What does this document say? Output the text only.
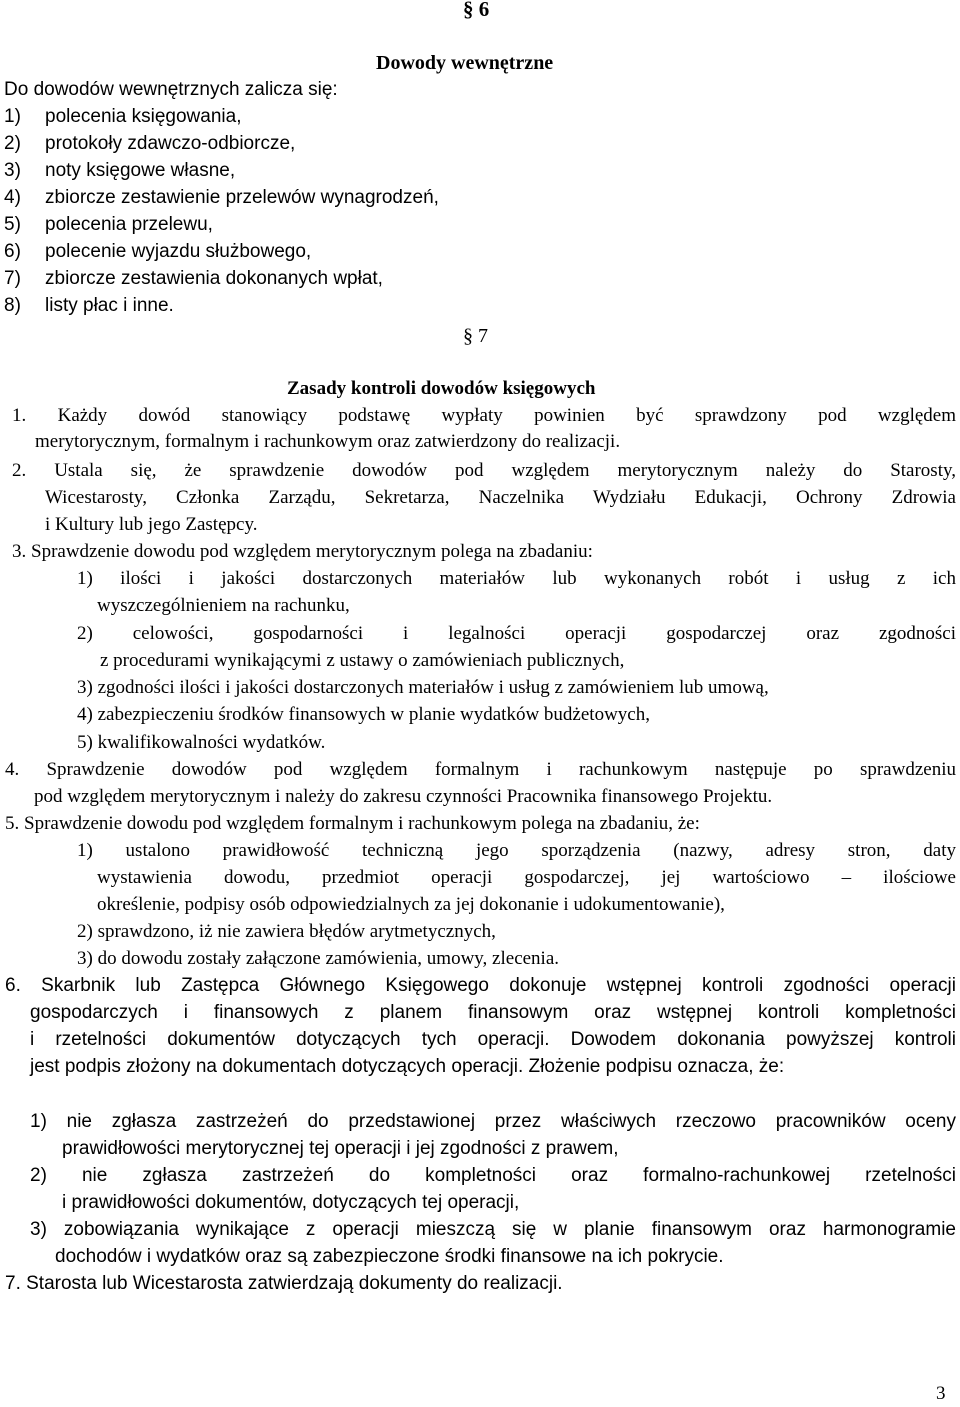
§ 6
Dowody wewnętrzne
Do dowodów wewnętrznych zalicza się:
1) polecenia księgowania,
2) protokoły zdawczo-odbiorcze,
3) noty księgowe własne,
4) zbiorcze zestawienie przelewów wynagrodzeń,
5) polecenia przelewu,
6) polecenie wyjazdu służbowego,
7) zbiorcze zestawienia dokonanych wpłat,
8) listy płac i inne.
§ 7
Zasady kontroli dowodów księgowych
1. Każdy dowód stanowiący podstawę wypłaty powinien być sprawdzony pod względem
merytorycznym, formalnym i rachunkowym oraz zatwierdzony do realizacji.
2. Ustala się, że sprawdzenie dowodów pod względem merytorycznym należy do Starosty,
Wicestarosty, Członka Zarządu, Sekretarza, Naczelnika Wydziału Edukacji, Ochrony Zdrowia
i Kultury lub jego Zastępcy.
3. Sprawdzenie dowodu pod względem merytorycznym polega na zbadaniu:
1) ilości i jakości dostarczonych materiałów lub wykonanych robót i usług z ich
wyszczególnieniem na rachunku,
2) celowości, gospodarności i legalności operacji gospodarczej oraz zgodności
z procedurami wynikającymi z ustawy o zamówieniach publicznych,
3) zgodności ilości i jakości dostarczonych materiałów i usług z zamówieniem lub umową,
4) zabezpieczeniu środków finansowych w planie wydatków budżetowych,
5) kwalifikowalności wydatków.
4. Sprawdzenie dowodów pod względem formalnym i rachunkowym następuje po sprawdzeniu
pod względem merytorycznym i należy do zakresu czynności Pracownika finansowego Projektu.
5. Sprawdzenie dowodu pod względem formalnym i rachunkowym polega na zbadaniu, że:
1) ustalono prawidłowość techniczną jego sporządzenia (nazwy, adresy stron, daty
wystawienia dowodu, przedmiot operacji gospodarczej, jej wartościowo – ilościowe
określenie, podpisy osób odpowiedzialnych za jej dokonanie i udokumentowanie),
2) sprawdzono, iż nie zawiera błędów arytmetycznych,
3) do dowodu zostały załączone zamówienia, umowy, zlecenia.
6. Skarbnik lub Zastępca Głównego Księgowego dokonuje wstępnej kontroli zgodności operacji
gospodarczych i finansowych z planem finansowym oraz wstępnej kontroli kompletności
i rzetelności dokumentów dotyczących tych operacji. Dowodem dokonania powyższej kontroli
jest podpis złożony na dokumentach dotyczących operacji. Złożenie podpisu oznacza, że:
1) nie zgłasza zastrzeżeń do przedstawionej przez właściwych rzeczowo pracowników oceny
prawidłowości merytorycznej tej operacji i jej zgodności z prawem,
2) nie zgłasza zastrzeżeń do kompletności oraz formalno-rachunkowej rzetelności
i prawidłowości dokumentów, dotyczących tej operacji,
3) zobowiązania wynikające z operacji mieszczą się w planie finansowym oraz harmonogramie
dochodów i wydatków oraz są zabezpieczone środki finansowe na ich pokrycie.
7. Starosta lub Wicestarosta zatwierdzają dokumenty do realizacji.
3
